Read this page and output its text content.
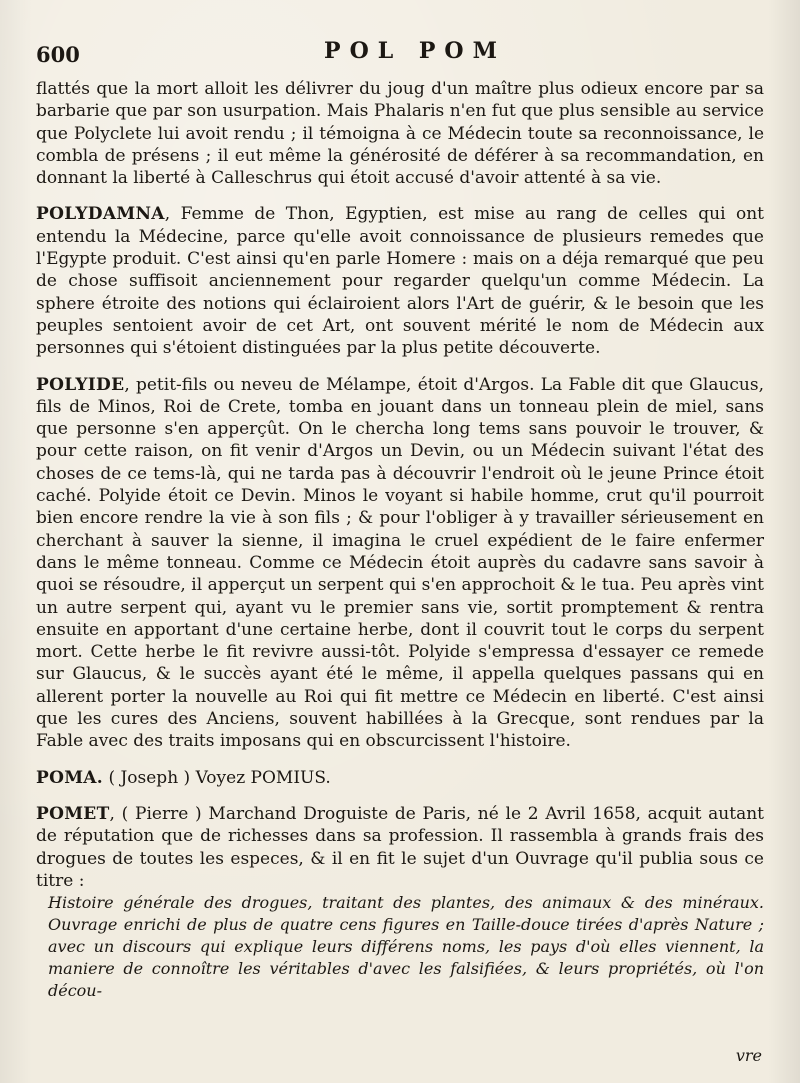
600	POL POM

flattés que la mort alloit les délivrer du joug d'un maître plus odieux encore par sa barbarie que par son usurpation. Mais Phalaris n'en fut que plus sensible au service que Polyclete lui avoit rendu ; il témoigna à ce Médecin toute sa reconnoissance, le combla de présens ; il eut même la générosité de déférer à sa recommandation, en donnant la liberté à Calleschrus qui étoit accusé d'avoir attenté à sa vie.

POLYDAMNA, Femme de Thon, Egyptien, est mise au rang de celles qui ont entendu la Médecine, parce qu'elle avoit connoissance de plusieurs remedes que l'Egypte produit. C'est ainsi qu'en parle Homere : mais on a déja remarqué que peu de chose suffisoit anciennement pour regarder quelqu'un comme Médecin. La sphere étroite des notions qui éclairoient alors l'Art de guérir, & le besoin que les peuples sentoient avoir de cet Art, ont souvent mérité le nom de Médecin aux personnes qui s'étoient distinguées par la plus petite découverte.

POLYIDE, petit-fils ou neveu de Mélampe, étoit d'Argos. La Fable dit que Glaucus, fils de Minos, Roi de Crete, tomba en jouant dans un tonneau plein de miel, sans que personne s'en apperçût. On le chercha long tems sans pouvoir le trouver, & pour cette raison, on fit venir d'Argos un Devin, ou un Médecin suivant l'état des choses de ce tems-là, qui ne tarda pas à découvrir l'endroit où le jeune Prince étoit caché. Polyide étoit ce Devin. Minos le voyant si habile homme, crut qu'il pourroit bien encore rendre la vie à son fils ; & pour l'obliger à y travailler sérieusement en cherchant à sauver la sienne, il imagina le cruel expédient de le faire enfermer dans le même tonneau. Comme ce Médecin étoit auprès du cadavre sans savoir à quoi se résoudre, il apperçut un serpent qui s'en approchoit & le tua. Peu après vint un autre serpent qui, ayant vu le premier sans vie, sortit promptement & rentra ensuite en apportant d'une certaine herbe, dont il couvrit tout le corps du serpent mort. Cette herbe le fit revivre aussi-tôt. Polyide s'empressa d'essayer ce remede sur Glaucus, & le succès ayant été le même, il appella quelques passans qui en allerent porter la nouvelle au Roi qui fit mettre ce Médecin en liberté. C'est ainsi que les cures des Anciens, souvent habillées à la Grecque, sont rendues par la Fable avec des traits imposans qui en obscurcissent l'histoire.

POMA. ( Joseph ) Voyez POMIUS.

POMET, ( Pierre ) Marchand Droguiste de Paris, né le 2 Avril 1658, acquit autant de réputation que de richesses dans sa profession. Il rassembla à grands frais des drogues de toutes les especes, & il en fit le sujet d'un Ouvrage qu'il publia sous ce titre :

Histoire générale des drogues, traitant des plantes, des animaux & des minéraux. Ouvrage enrichi de plus de quatre cens figures en Taille-douce tirées d'après Nature ; avec un discours qui explique leurs différens noms, les pays d'où elles viennent, la maniere de connoître les véritables d'avec les falsifiées, & leurs propriétés, où l'on décou-

vre
